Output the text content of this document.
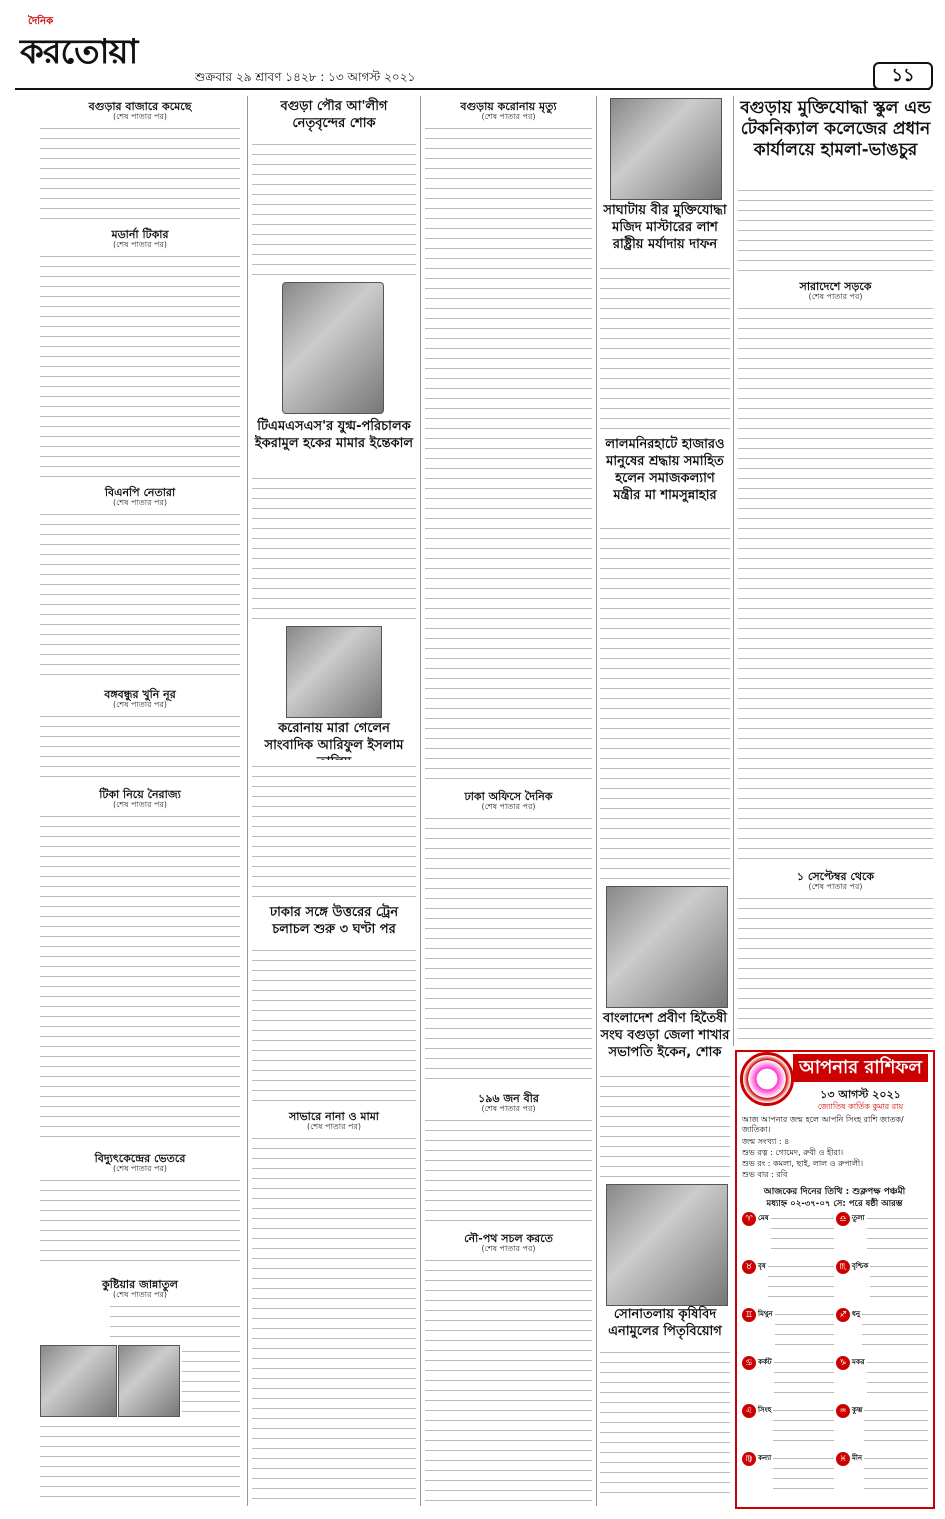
দৈনিক
করতোয়া
শুক্রবার ২৯ শ্রাবণ ১৪২৮ : ১৩ আগস্ট ২০২১	১১
বগুড়ার বাজারে কমেছে
(শেষ পাতার পর)
মডার্না টিকার
(শেষ পাতার পর)
বিএনপি নেতারা
(শেষ পাতার পর)
বঙ্গবন্ধুর খুনি নূর
(শেষ পাতার পর)
টিকা নিয়ে নৈরাজ্য
(শেষ পাতার পর)
বিদ্যুৎকেন্দ্রের ভেতরে
(শেষ পাতার পর)
কুষ্টিয়ার জান্নাতুল
(শেষ পাতার পর)
বগুড়া পৌর আ'লীগ নেতৃবৃন্দের শোক
টিএমএসএস'র যুগ্ম-পরিচালক ইকরামুল হকের মামার ইন্তেকাল
করোনায় মারা গেলেন সাংবাদিক আরিফুল ইসলাম
ঢাকার সঙ্গে উত্তরের ট্রেন চলাচল শুরু ৩ ঘণ্টা পর
সাভারে নানা ও মামা
(শেষ পাতার পর)
বগুড়ায় করোনায় মৃত্যু
(শেষ পাতার পর)
ঢাকা অফিসে দৈনিক
(শেষ পাতার পর)
১৯৬ জন বীর
(শেষ পাতার পর)
নৌ-পথ সচল করতে
(শেষ পাতার পর)
সাঘাটায় বীর মুক্তিযোদ্ধা মজিদ মাস্টারের লাশ রাষ্ট্রীয় মর্যাদায় দাফন
লালমনিরহাটে হাজারও মানুষের শ্রদ্ধায় সমাহিত হলেন সমাজকল্যাণ মন্ত্রীর মা শামসুন্নাহার
বাংলাদেশ প্রবীণ হিতৈষী সংঘ বগুড়া জেলা শাখার সভাপতি ইকেন, শোক
সোনাতলায় কৃষিবিদ এনামুলের পিতৃবিয়োগ
বগুড়ায় মুক্তিযোদ্ধা স্কুল এন্ড টেকনিক্যাল কলেজের প্রধান কার্যালয়ে হামলা-ভাঙচুর
সারাদেশে সড়কে
(শেষ পাতার পর)
১ সেপ্টেম্বর থেকে
(শেষ পাতার পর)
আপনার রাশিফল
১৩ আগস্ট ২০২১
জ্যোতিষ কার্তিক কুমার রায়
আজ আপনার জন্ম হলে আপনি সিংহ রাশি জাতক/জাতিকা।
জন্ম সংখ্যা : ৪
শুভ রত্ন : গোমেদ, রুবী ও হীরা।
শুভ রং : কমলা, ছাই, লাল ও রুপালী।
শুভ বার : রবি
আজকের দিনের তিথি : শুক্লপক্ষ পঞ্চমী
মধ্যাহ্ন ০২-৩৭-০৭ সে: পরে ষষ্ঠী আরম্ভ
♈ মেষ
♉ বৃষ
♊ মিথুন
♋ কর্কট
♌ সিংহ
♍ কন্যা
♎ তুলা
♏ বৃশ্চিক
♐ ধনু
♑ মকর
♒ কুম্ভ
♓ মীন
